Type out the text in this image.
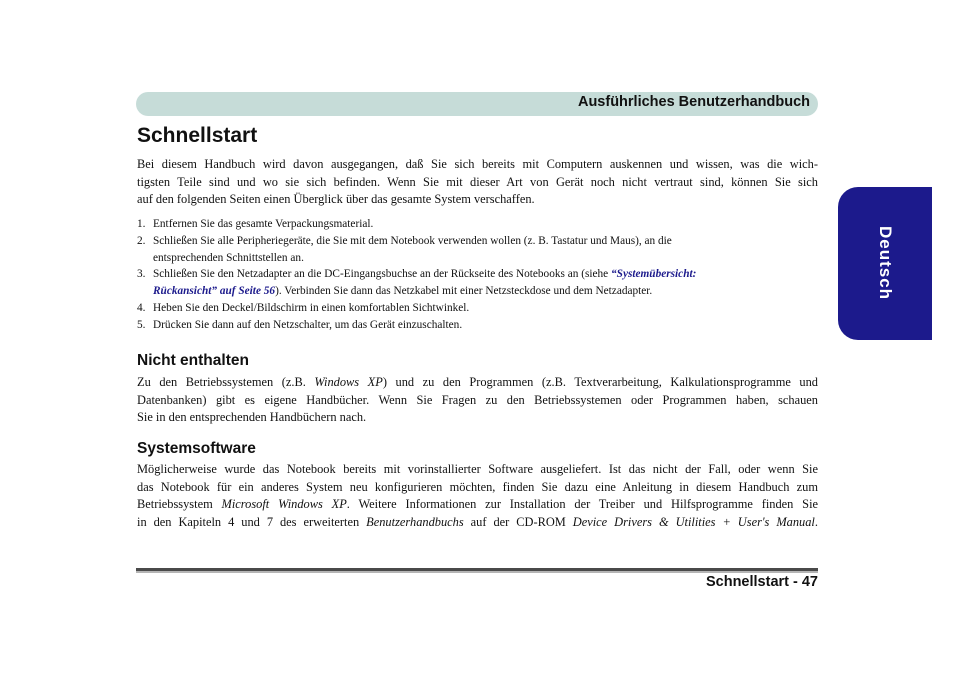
Ausführliches Benutzerhandbuch
Deutsch
Schnellstart
Bei diesem Handbuch wird davon ausgegangen, daß Sie sich bereits mit Computern auskennen und wissen, was die wich-
tigsten Teile sind und wo sie sich befinden. Wenn Sie mit dieser Art von Gerät noch nicht vertraut sind, können Sie sich
auf den folgenden Seiten einen Überglick über das gesamte System verschaffen.
1. Entfernen Sie das gesamte Verpackungsmaterial.
2. Schließen Sie alle Peripheriegeräte, die Sie mit dem Notebook verwenden wollen (z. B. Tastatur und Maus), an die
entsprechenden Schnittstellen an.
3. Schließen Sie den Netzadapter an die DC-Eingangsbuchse an der Rückseite des Notebooks an (siehe “Systemübersicht:
Rückansicht” auf Seite 56). Verbinden Sie dann das Netzkabel mit einer Netzsteckdose und dem Netzadapter.
4. Heben Sie den Deckel/Bildschirm in einen komfortablen Sichtwinkel.
5. Drücken Sie dann auf den Netzschalter, um das Gerät einzuschalten.
Nicht enthalten
Zu den Betriebssystemen (z.B. Windows XP) und zu den Programmen (z.B. Textverarbeitung, Kalkulationsprogramme und
Datenbanken) gibt es eigene Handbücher. Wenn Sie Fragen zu den Betriebssystemen oder Programmen haben, schauen
Sie in den entsprechenden Handbüchern nach.
Systemsoftware
Möglicherweise wurde das Notebook bereits mit vorinstallierter Software ausgeliefert. Ist das nicht der Fall, oder wenn Sie
das Notebook für ein anderes System neu konfigurieren möchten, finden Sie dazu eine Anleitung in diesem Handbuch zum
Betriebssystem Microsoft Windows XP. Weitere Informationen zur Installation der Treiber und Hilfsprogramme finden Sie
in den Kapiteln 4 und 7 des erweiterten Benutzerhandbuchs auf der CD-ROM Device Drivers & Utilities + User's Manual.
Schnellstart - 47
